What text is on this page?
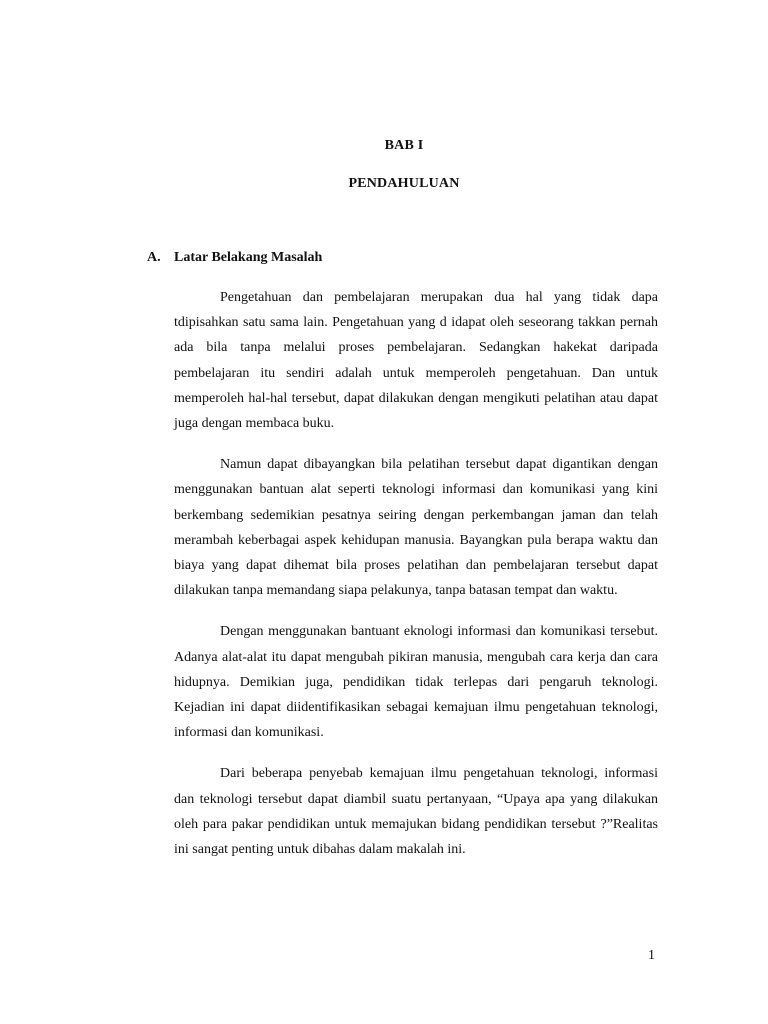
BAB I
PENDAHULUAN
A. Latar Belakang Masalah

Pengetahuan dan pembelajaran merupakan dua hal yang tidak dapa tdipisahkan satu sama lain. Pengetahuan yang d idapat oleh seseorang takkan pernah ada bila tanpa melalui proses pembelajaran. Sedangkan hakekat daripada pembelajaran itu sendiri adalah untuk memperoleh pengetahuan. Dan untuk memperoleh hal-hal tersebut, dapat dilakukan dengan mengikuti pelatihan atau dapat juga dengan membaca buku.

Namun dapat dibayangkan bila pelatihan tersebut dapat digantikan dengan menggunakan bantuan alat seperti teknologi informasi dan komunikasi yang kini berkembang sedemikian pesatnya seiring dengan perkembangan jaman dan telah merambah keberbagai aspek kehidupan manusia. Bayangkan pula berapa waktu dan biaya yang dapat dihemat bila proses pelatihan dan pembelajaran tersebut dapat dilakukan tanpa memandang siapa pelakunya, tanpa batasan tempat dan waktu.

Dengan menggunakan bantuant eknologi informasi dan komunikasi tersebut. Adanya alat-alat itu dapat mengubah pikiran manusia, mengubah cara kerja dan cara hidupnya. Demikian juga, pendidikan tidak terlepas dari pengaruh teknologi. Kejadian ini dapat diidentifikasikan sebagai kemajuan ilmu pengetahuan teknologi, informasi dan komunikasi.

Dari beberapa penyebab kemajuan ilmu pengetahuan teknologi, informasi dan teknologi tersebut dapat diambil suatu pertanyaan, “Upaya apa yang dilakukan oleh para pakar pendidikan untuk memajukan bidang pendidikan tersebut ?”Realitas ini sangat penting untuk dibahas dalam makalah ini.

1
